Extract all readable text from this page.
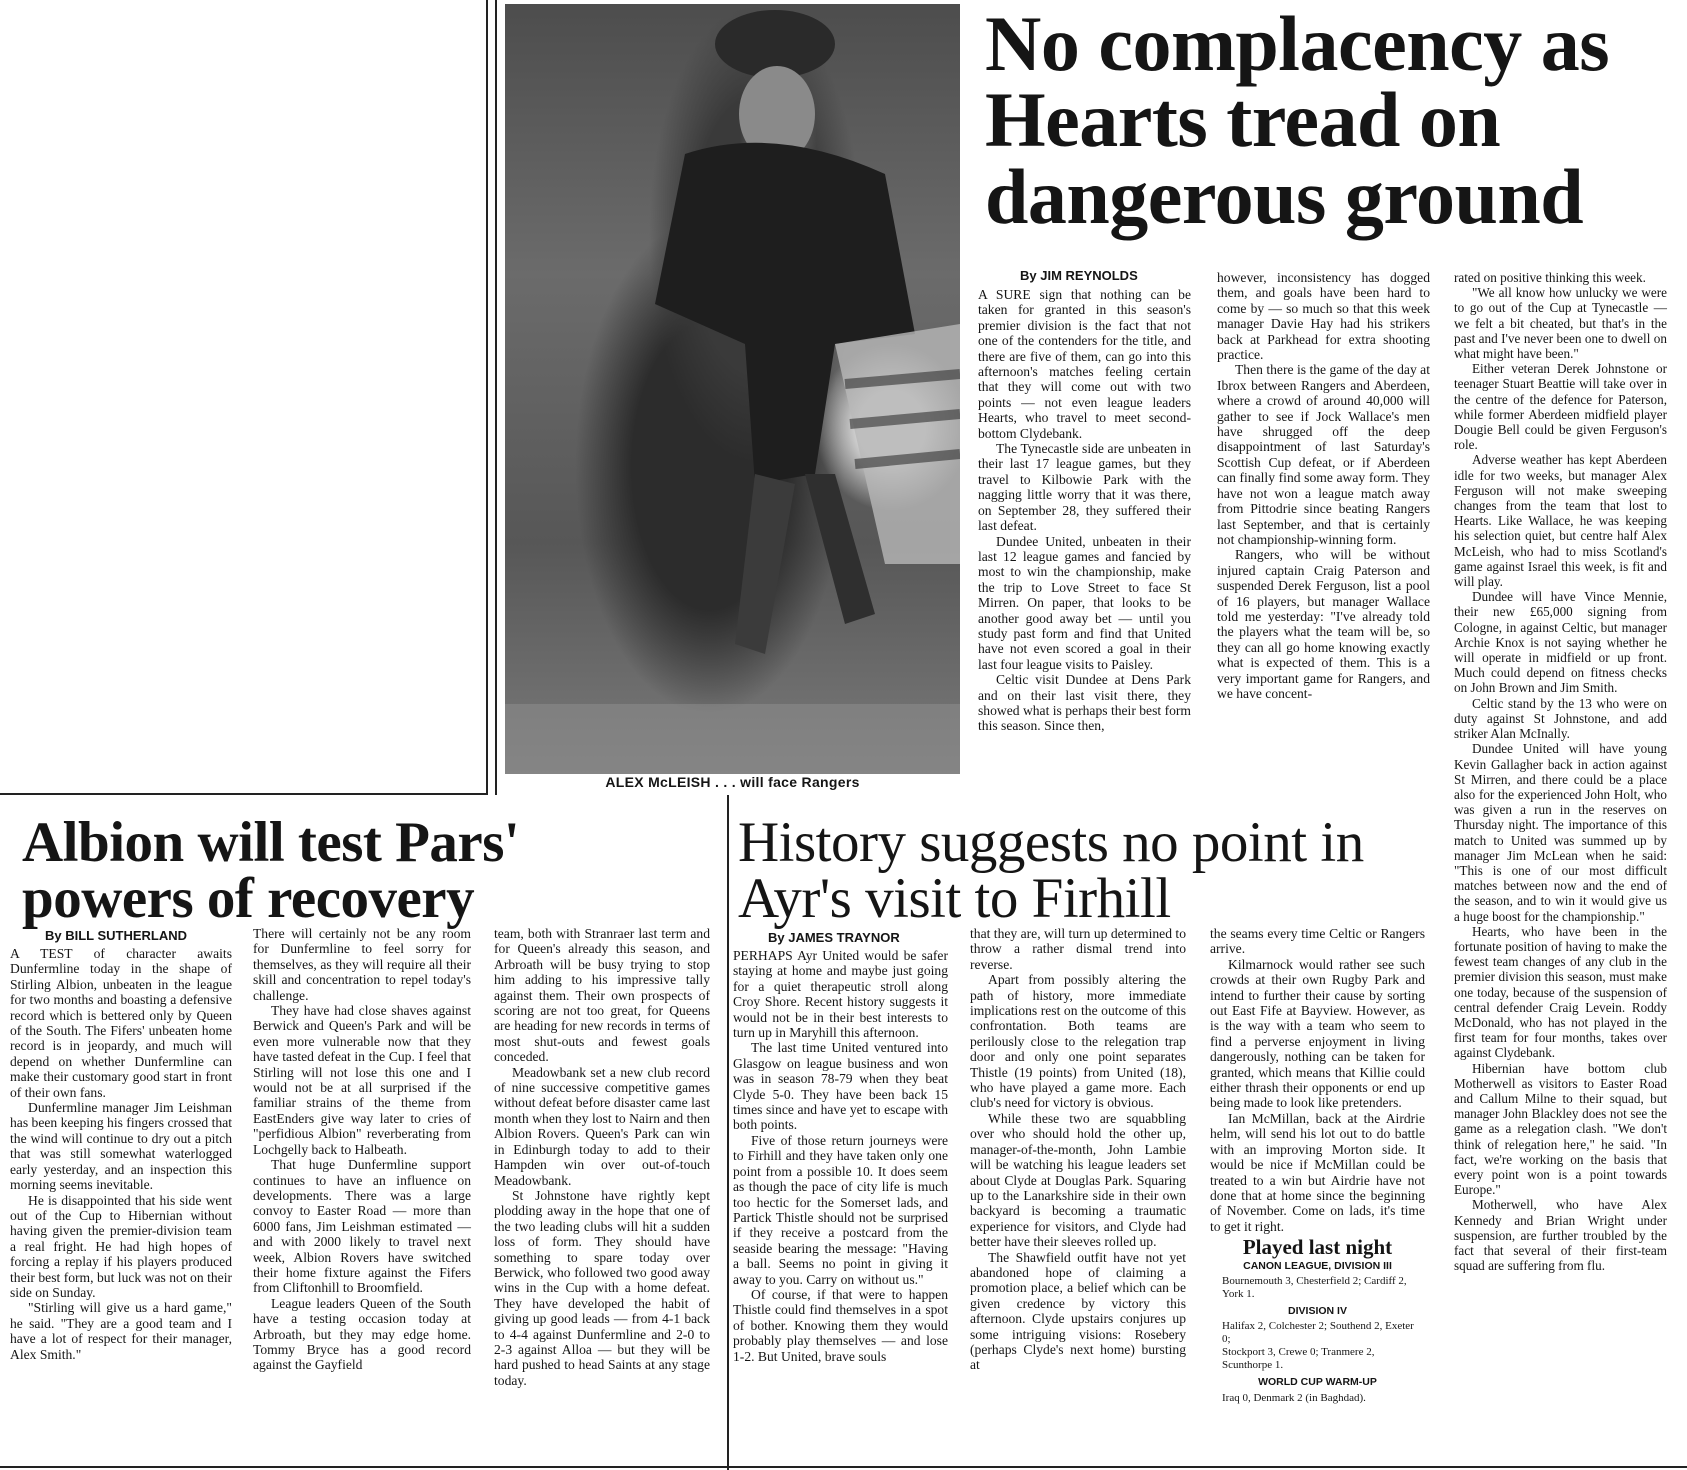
ALEX McLEISH . . . will face Rangers
No complacency as Hearts tread on dangerous ground
By JIM REYNOLDS

A SURE sign that nothing can be taken for granted in this season's premier division is the fact that not one of the contenders for the title, and there are five of them, can go into this afternoon's matches feeling certain that they will come out with two points — not even league leaders Hearts, who travel to meet second-bottom Clydebank.

The Tynecastle side are unbeaten in their last 17 league games, but they travel to Kilbowie Park with the nagging little worry that it was there, on September 28, they suffered their last defeat.

Dundee United, unbeaten in their last 12 league games and fancied by most to win the championship, make the trip to Love Street to face St Mirren. On paper, that looks to be another good away bet — until you study past form and find that United have not even scored a goal in their last four league visits to Paisley.

Celtic visit Dundee at Dens Park and on their last visit there, they showed what is perhaps their best form this season. Since then,

however, inconsistency has dogged them, and goals have been hard to come by — so much so that this week manager Davie Hay had his strikers back at Parkhead for extra shooting practice.

Then there is the game of the day at Ibrox between Rangers and Aberdeen, where a crowd of around 40,000 will gather to see if Jock Wallace's men have shrugged off the deep disappointment of last Saturday's Scottish Cup defeat, or if Aberdeen can finally find some away form. They have not won a league match away from Pittodrie since beating Rangers last September, and that is certainly not championship-winning form.

Rangers, who will be without injured captain Craig Paterson and suspended Derek Ferguson, list a pool of 16 players, but manager Wallace told me yesterday: "I've already told the players what the team will be, so they can all go home knowing exactly what is expected of them. This is a very important game for Rangers, and we have concent-

rated on positive thinking this week.

"We all know how unlucky we were to go out of the Cup at Tynecastle — we felt a bit cheated, but that's in the past and I've never been one to dwell on what might have been."

Either veteran Derek Johnstone or teenager Stuart Beattie will take over in the centre of the defence for Paterson, while former Aberdeen midfield player Dougie Bell could be given Ferguson's role.

Adverse weather has kept Aberdeen idle for two weeks, but manager Alex Ferguson will not make sweeping changes from the team that lost to Hearts. Like Wallace, he was keeping his selection quiet, but centre half Alex McLeish, who had to miss Scotland's game against Israel this week, is fit and will play.

Dundee will have Vince Mennie, their new £65,000 signing from Cologne, in against Celtic, but manager Archie Knox is not saying whether he will operate in midfield or up front. Much could depend on fitness checks on John Brown and Jim Smith.

Celtic stand by the 13 who were on duty against St Johnstone, and add striker Alan McInally.

Dundee United will have young Kevin Gallagher back in action against St Mirren, and there could be a place also for the experienced John Holt, who was given a run in the reserves on Thursday night. The importance of this match to United was summed up by manager Jim McLean when he said: "This is one of our most difficult matches between now and the end of the season, and to win it would give us a huge boost for the championship."

Hearts, who have been in the fortunate position of having to make the fewest team changes of any club in the premier division this season, must make one today, because of the suspension of central defender Craig Levein. Roddy McDonald, who has not played in the first team for four months, takes over against Clydebank.

Hibernian have bottom club Motherwell as visitors to Easter Road and Callum Milne to their squad, but manager John Blackley does not see the game as a relegation clash. "We don't think of relegation here," he said. "In fact, we're working on the basis that every point won is a point towards Europe."

Motherwell, who have Alex Kennedy and Brian Wright under suspension, are further troubled by the fact that several of their first-team squad are suffering from flu.

Albion will test Pars' powers of recovery
By BILL SUTHERLAND

A TEST of character awaits Dunfermline today in the shape of Stirling Albion, unbeaten in the league for two months and boasting a defensive record which is bettered only by Queen of the South. The Fifers' unbeaten home record is in jeopardy, and much will depend on whether Dunfermline can make their customary good start in front of their own fans.

Dunfermline manager Jim Leishman has been keeping his fingers crossed that the wind will continue to dry out a pitch that was still somewhat waterlogged early yesterday, and an inspection this morning seems inevitable.

He is disappointed that his side went out of the Cup to Hibernian without having given the premier-division team a real fright. He had high hopes of forcing a replay if his players produced their best form, but luck was not on their side on Sunday.

"Stirling will give us a hard game," he said. "They are a good team and I have a lot of respect for their manager, Alex Smith."

There will certainly not be any room for Dunfermline to feel sorry for themselves, as they will require all their skill and concentration to repel today's challenge.

They have had close shaves against Berwick and Queen's Park and will be even more vulnerable now that they have tasted defeat in the Cup. I feel that Stirling will not lose this one and I would not be at all surprised if the familiar strains of the theme from EastEnders give way later to cries of "perfidious Albion" reverberating from Lochgelly back to Halbeath.

That huge Dunfermline support continues to have an influence on developments. There was a large convoy to Easter Road — more than 6000 fans, Jim Leishman estimated — and with 2000 likely to travel next week, Albion Rovers have switched their home fixture against the Fifers from Cliftonhill to Broomfield.

League leaders Queen of the South have a testing occasion today at Arbroath, but they may edge home. Tommy Bryce has a good record against the Gayfield

team, both with Stranraer last term and for Queen's already this season, and Arbroath will be busy trying to stop him adding to his impressive tally against them. Their own prospects of scoring are not too great, for Queens are heading for new records in terms of most shut-outs and fewest goals conceded.

Meadowbank set a new club record of nine successive competitive games without defeat before disaster came last month when they lost to Nairn and then Albion Rovers. Queen's Park can win in Edinburgh today to add to their Hampden win over out-of-touch Meadowbank.

St Johnstone have rightly kept plodding away in the hope that one of the two leading clubs will hit a sudden loss of form. They should have something to spare today over Berwick, who followed two good away wins in the Cup with a home defeat. They have developed the habit of giving up good leads — from 4-1 back to 4-4 against Dunfermline and 2-0 to 2-3 against Alloa — but they will be hard pushed to head Saints at any stage today.

History suggests no point in Ayr's visit to Firhill
By JAMES TRAYNOR

PERHAPS Ayr United would be safer staying at home and maybe just going for a quiet therapeutic stroll along Croy Shore. Recent history suggests it would not be in their best interests to turn up in Maryhill this afternoon.

The last time United ventured into Glasgow on league business and won was in season 78-79 when they beat Clyde 5-0. They have been back 15 times since and have yet to escape with both points.

Five of those return journeys were to Firhill and they have taken only one point from a possible 10. It does seem as though the pace of city life is much too hectic for the Somerset lads, and Partick Thistle should not be surprised if they receive a postcard from the seaside bearing the message: "Having a ball. Seems no point in giving it away to you. Carry on without us."

Of course, if that were to happen Thistle could find themselves in a spot of bother. Knowing them they would probably play themselves — and lose 1-2. But United, brave souls

that they are, will turn up determined to throw a rather dismal trend into reverse.

Apart from possibly altering the path of history, more immediate implications rest on the outcome of this confrontation. Both teams are perilously close to the relegation trap door and only one point separates Thistle (19 points) from United (18), who have played a game more. Each club's need for victory is obvious.

While these two are squabbling over who should hold the other up, manager-of-the-month, John Lambie will be watching his league leaders set about Clyde at Douglas Park. Squaring up to the Lanarkshire side in their own backyard is becoming a traumatic experience for visitors, and Clyde had better have their sleeves rolled up.

The Shawfield outfit have not yet abandoned hope of claiming a promotion place, a belief which can be given credence by victory this afternoon. Clyde upstairs conjures up some intriguing visions: Rosebery (perhaps Clyde's next home) bursting at

the seams every time Celtic or Rangers arrive.

Kilmarnock would rather see such crowds at their own Rugby Park and intend to further their cause by sorting out East Fife at Bayview. However, as is the way with a team who seem to find a perverse enjoyment in living dangerously, nothing can be taken for granted, which means that Killie could either thrash their opponents or end up being made to look like pretenders.

Ian McMillan, back at the Airdrie helm, will send his lot out to do battle with an improving Morton side. It would be nice if McMillan could be treated to a win but Airdrie have not done that at home since the beginning of November. Come on lads, it's time to get it right.

Played last night
CANON LEAGUE, DIVISION III
Bournemouth 3, Chesterfield 2; Cardiff 2,
York 1.
DIVISION IV
Halifax 2, Colchester 2; Southend 2, Exeter 0;
Stockport 3, Crewe 0; Tranmere 2,
Scunthorpe 1.
WORLD CUP WARM-UP
Iraq 0, Denmark 2 (in Baghdad).
